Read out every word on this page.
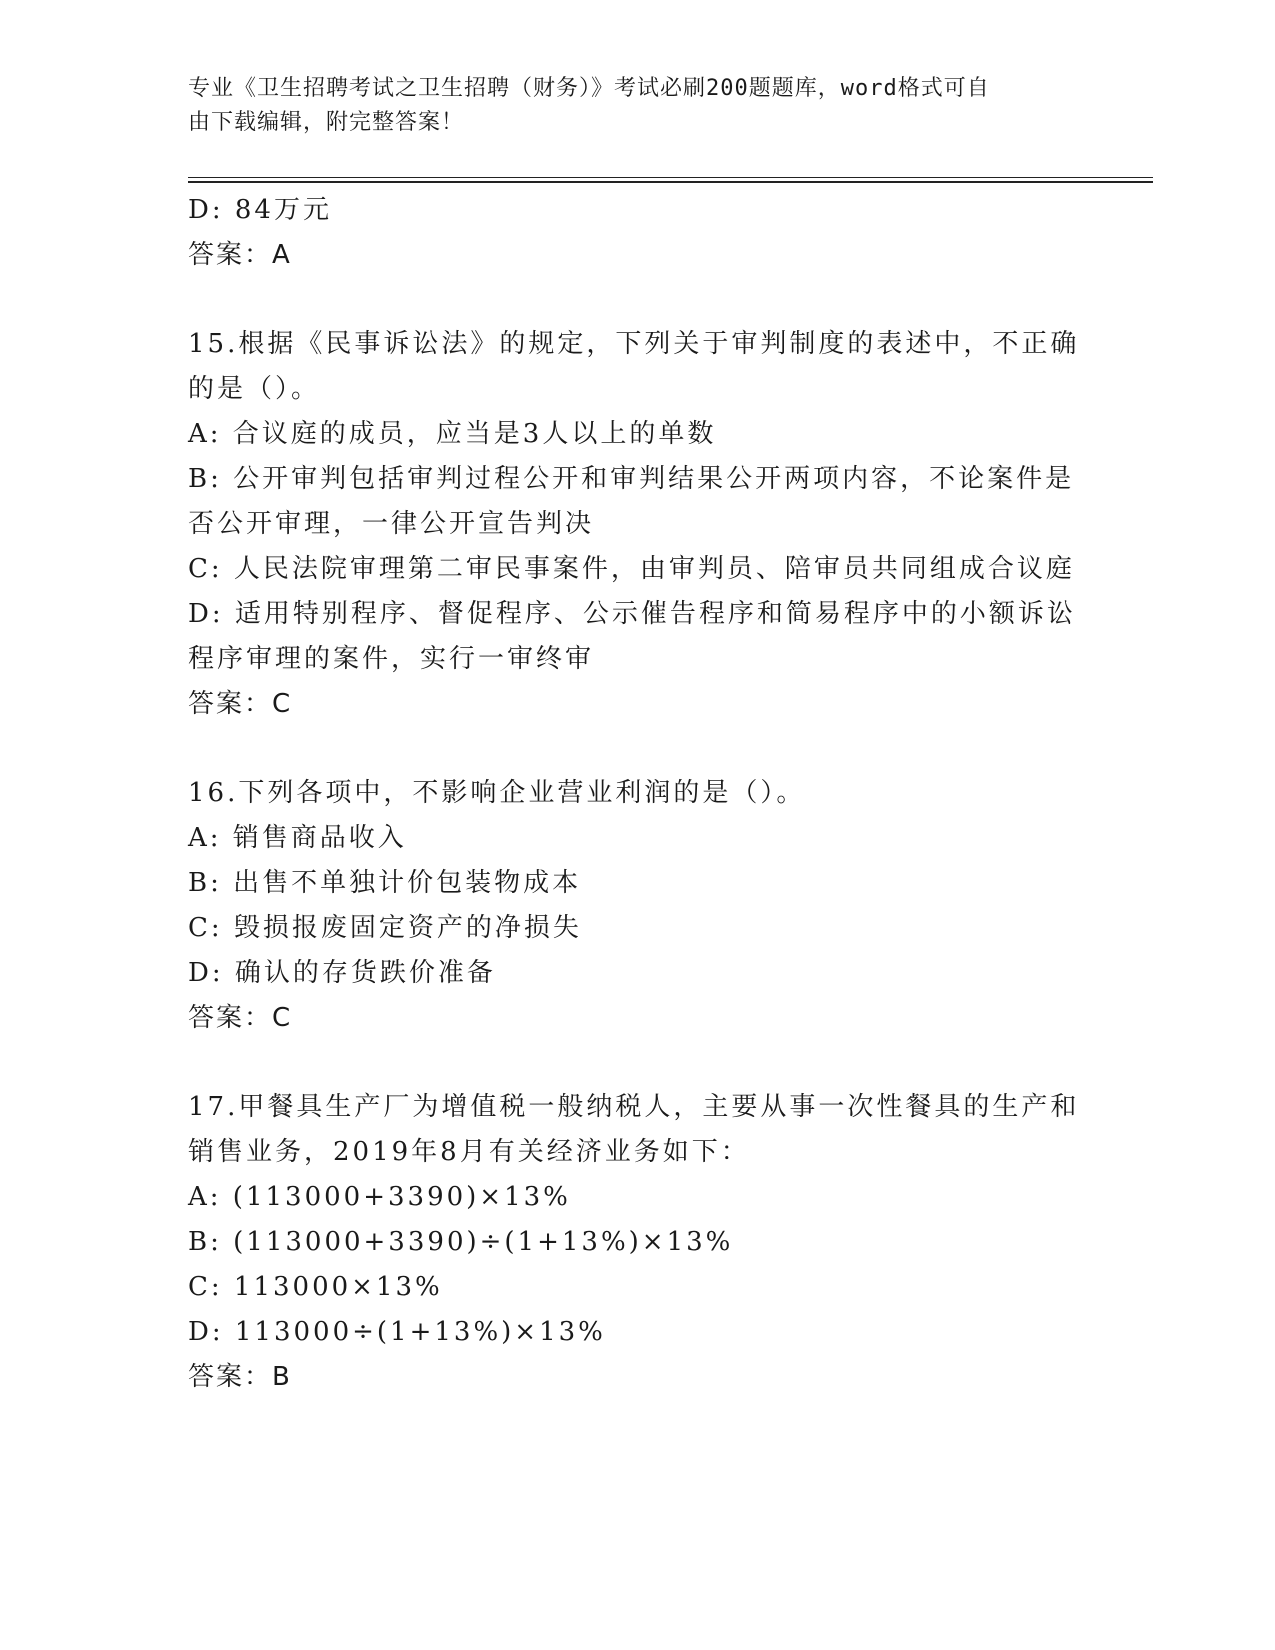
专业《卫生招聘考试之卫生招聘（财务）》考试必刷200题题库，word格式可自
由下载编辑，附完整答案！
D: 84万元
答案：A
15.根据《民事诉讼法》的规定，下列关于审判制度的表述中，不正确
的是（）。
A: 合议庭的成员，应当是3人以上的单数
B: 公开审判包括审判过程公开和审判结果公开两项内容，不论案件是
否公开审理，一律公开宣告判决
C: 人民法院审理第二审民事案件，由审判员、陪审员共同组成合议庭
D: 适用特别程序、督促程序、公示催告程序和简易程序中的小额诉讼
程序审理的案件，实行一审终审
答案：C
16.下列各项中，不影响企业营业利润的是（）。
A: 销售商品收入
B: 出售不单独计价包装物成本
C: 毁损报废固定资产的净损失
D: 确认的存货跌价准备
答案：C
17.甲餐具生产厂为增值税一般纳税人，主要从事一次性餐具的生产和
销售业务，2019年8月有关经济业务如下：
A: (113000+3390)×13%
B: (113000+3390)÷(1+13%)×13%
C: 113000×13%
D: 113000÷(1+13%)×13%
答案：B
